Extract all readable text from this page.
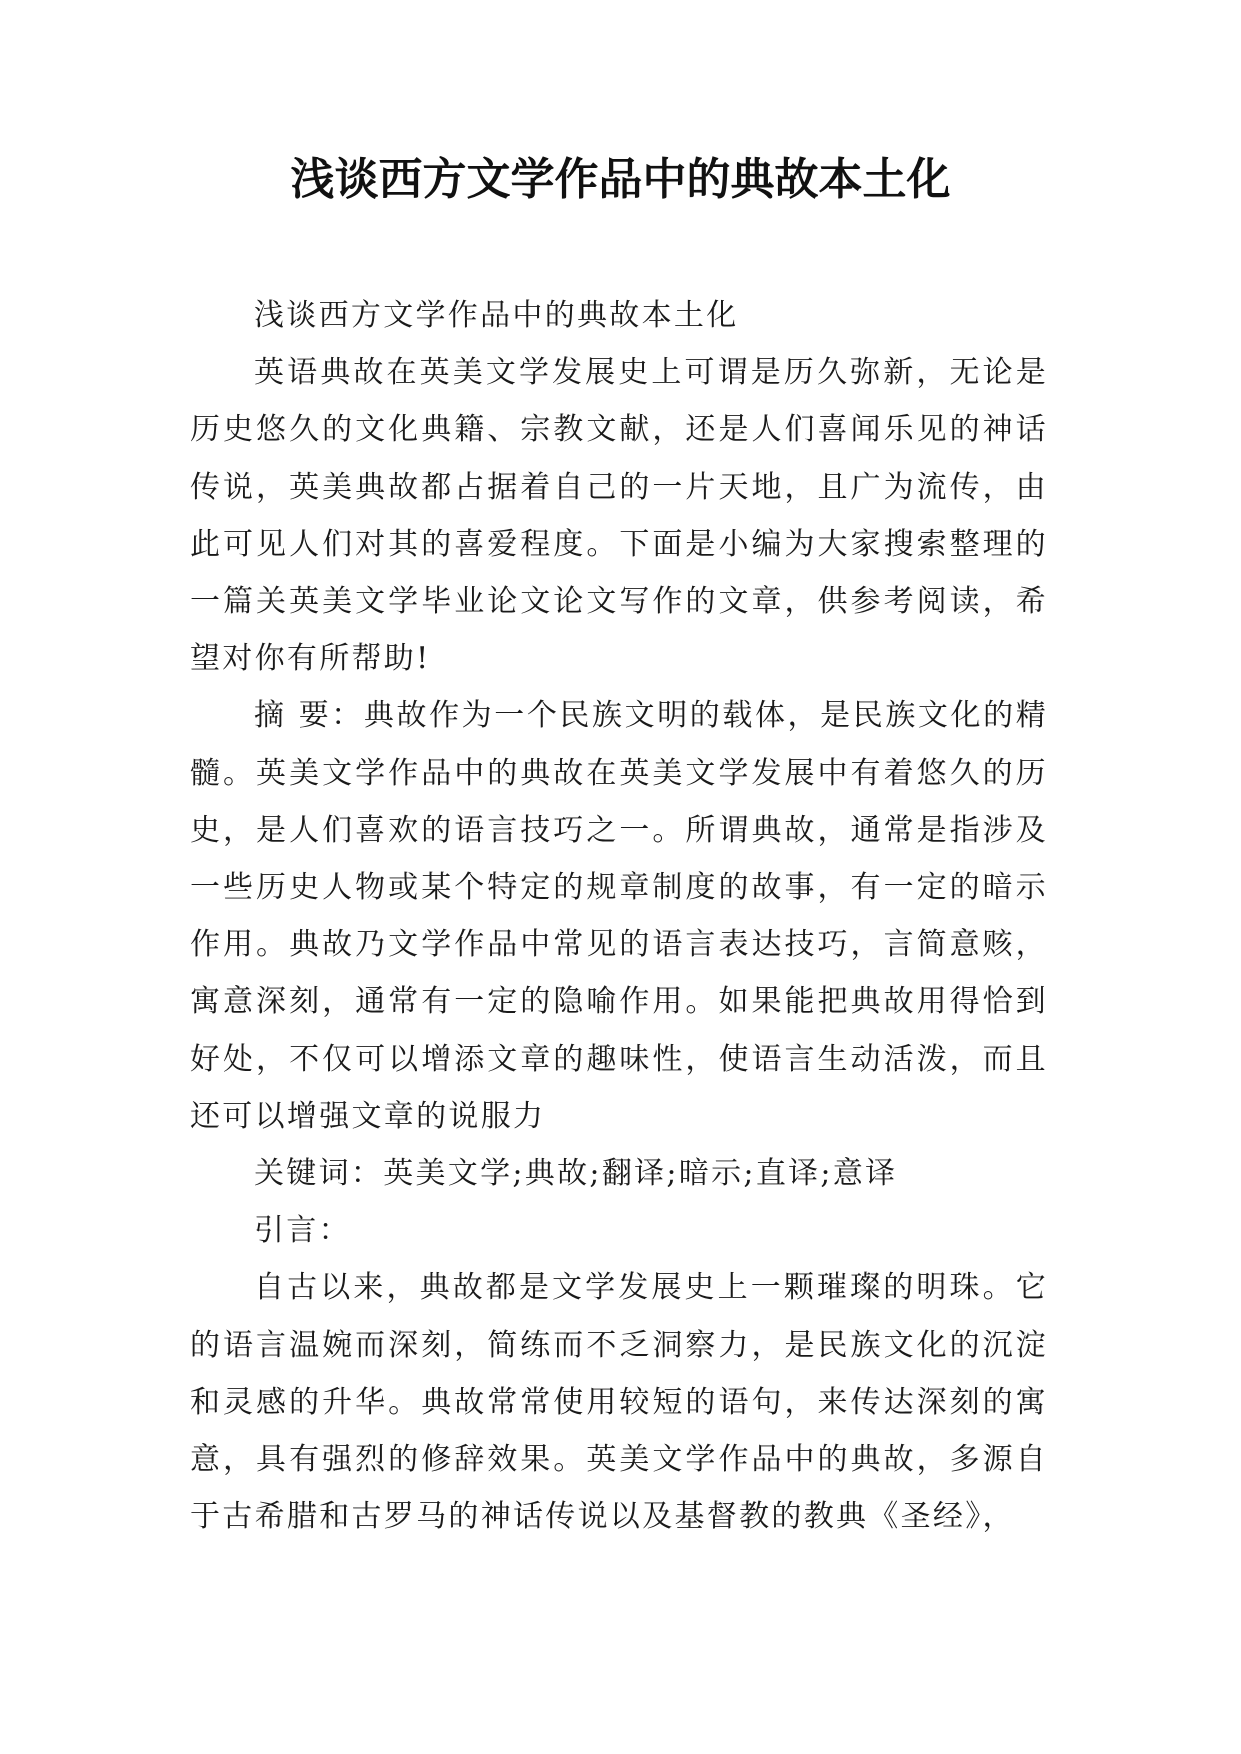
浅谈西方文学作品中的典故本土化

浅谈西方文学作品中的典故本土化

英语典故在英美文学发展史上可谓是历久弥新，无论是历史悠久的文化典籍、宗教文献，还是人们喜闻乐见的神话传说，英美典故都占据着自己的一片天地，且广为流传，由此可见人们对其的喜爱程度。下面是小编为大家搜索整理的一篇关英美文学毕业论文论文写作的文章，供参考阅读，希望对你有所帮助!

摘 要：典故作为一个民族文明的载体，是民族文化的精髓。英美文学作品中的典故在英美文学发展中有着悠久的历史，是人们喜欢的语言技巧之一。所谓典故，通常是指涉及一些历史人物或某个特定的规章制度的故事，有一定的暗示作用。典故乃文学作品中常见的语言表达技巧，言简意赅，寓意深刻，通常有一定的隐喻作用。如果能把典故用得恰到好处，不仅可以增添文章的趣味性，使语言生动活泼，而且还可以增强文章的说服力

关键词：英美文学;典故;翻译;暗示;直译;意译

引言：

自古以来，典故都是文学发展史上一颗璀璨的明珠。它的语言温婉而深刻，简练而不乏洞察力，是民族文化的沉淀和灵感的升华。典故常常使用较短的语句，来传达深刻的寓意，具有强烈的修辞效果。英美文学作品中的典故，多源自于古希腊和古罗马的神话传说以及基督教的教典《圣经》，
